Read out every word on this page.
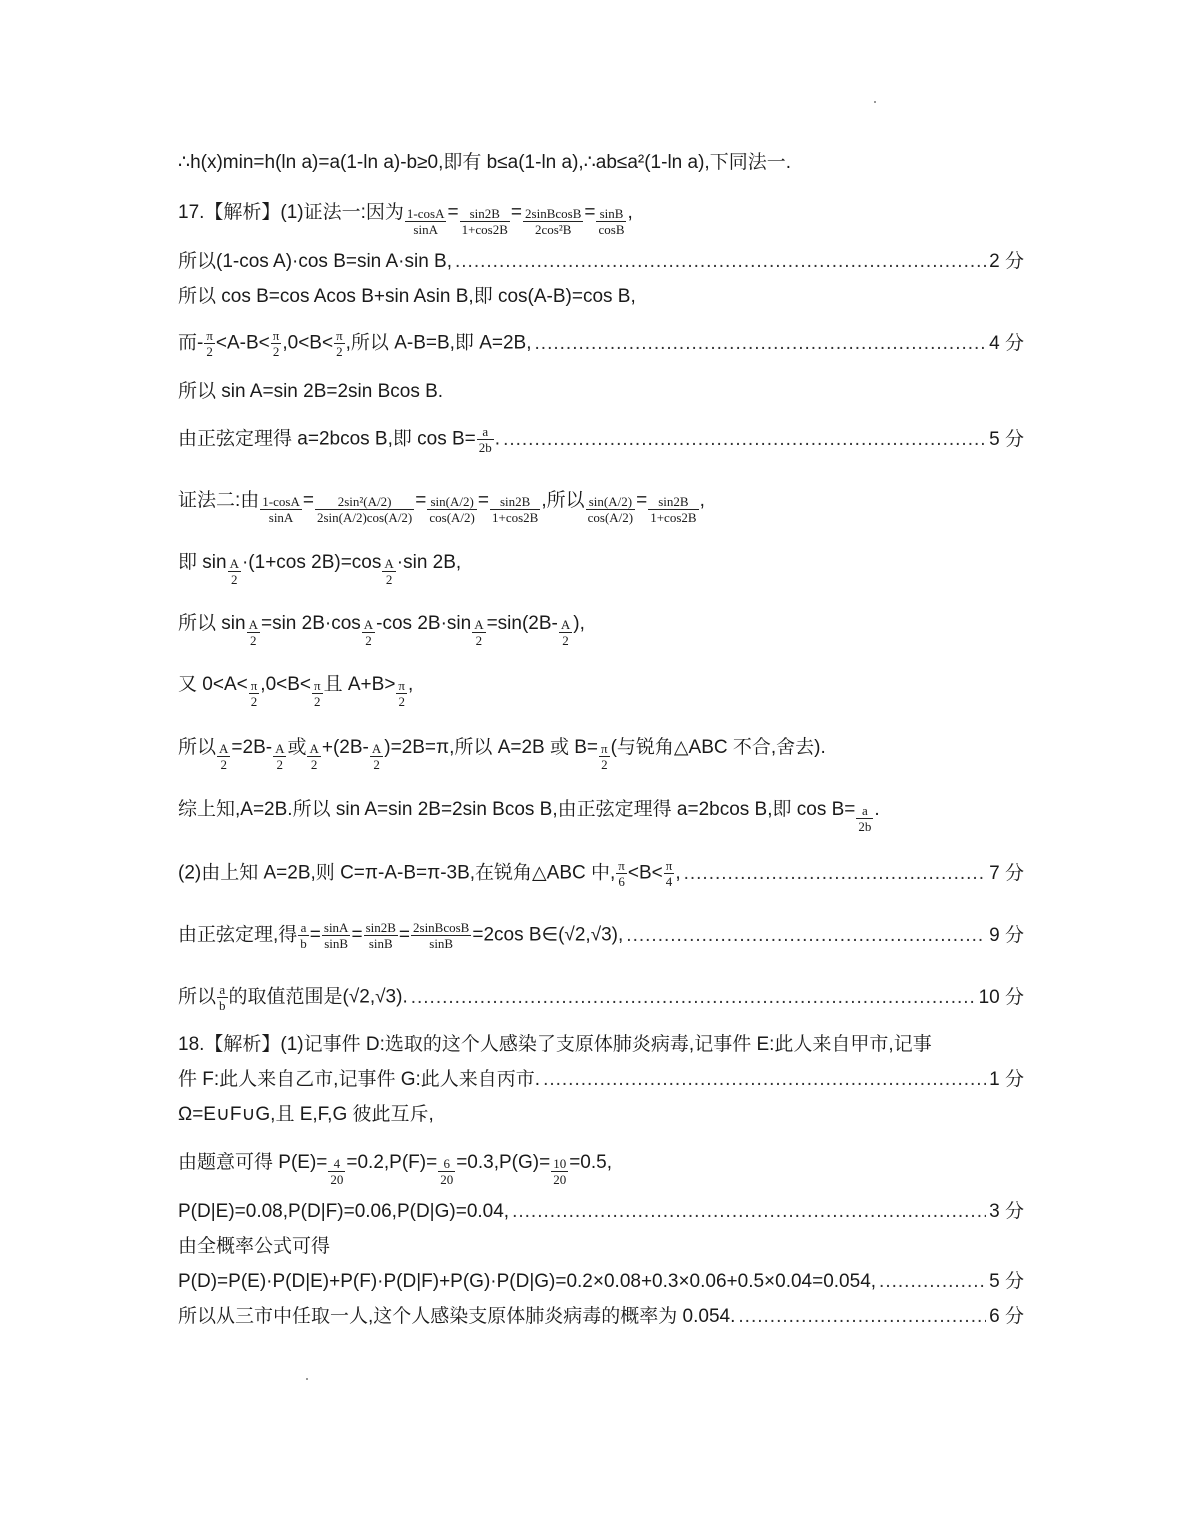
∴h(x)min=h(ln a)=a(1-ln a)-b≥0,即有 b≤a(1-ln a),∴ab≤a²(1-ln a),下同法一.
17.【解析】(1)证法一:因为 $\frac{1-\cos A}{\sin A} = \frac{\sin 2B}{1+\cos 2B} = \frac{\text{2sinBcosB}}{\text{2cos²B}} = \frac{\sin B}{\cos B}$ ,
所以(1-cos A)·cos B=sin A·sin B, .....	2 分
所以 cos B=cos Acos B+sin Asin B,即 cos(A-B)=cos B,
而- $\frac{\pi}{2} <A-B< \frac{\pi}{2} ,0<B< \frac{\pi}{2}$ ,所以 A-B=B,即 A=2B, .....	4 分
所以 sin A=sin 2B=2sin Bcos B.
由正弦定理得 a=2bcos B,即 $\cos B= \frac{a}{2b}$ . .....	5 分
证法二:由 $\frac{1-\cos A}{\sin A} = \frac{\text{2sin²(A/2)}}{2\sin(A/2)\cos(A/2)} = \frac{\sin(A/2)}{\cos(A/2)} = \frac{\sin 2B}{1+\cos 2B}$ ,所以 $\frac{\sin(A/2)}{\cos(A/2)} = \frac{\sin 2B}{1+\cos 2B}$ ,
即 $\sin \frac{A}{2} \cdot(1+\cos$ $2B)=\cos \frac{A}{2} \cdot\sin$ 2B,
所以 $\sin \frac{A}{2} =\sin$ $2B\cdot\cos \frac{A}{2} -\cos$ $2B\cdot\sin \frac{A}{2} =\sin(2B- \frac{A}{2}$ ),
又 $0<A< \frac{\pi}{2} ,0<B< \frac{\pi}{2}$ 且 $A+B> \frac{\pi}{2}$ ,
所以 $\frac{A}{2} =2B- \frac{A}{2}$ 或 $\frac{A}{2} +(2B- \frac{A}{2} )=2B=\pi$,所以 A=2B 或 $B= \frac{\pi}{2}$ (与锐角△ABC 不合,舍去).
综上知,A=2B.所以 sin A=sin 2B=2sin Bcos B,由正弦定理得 a=2bcos B,即 $\cos B= \frac{a}{2b}$ .
(2)由上知 A=2B,则 C=π-A-B=π-3B,在锐角△ABC 中, $\frac{\pi}{6} <B< \frac{\pi}{4}$ , .....	7 分
由正弦定理,得 $\frac{a}{b} = \frac{\sin A}{\sin B} = \frac{\sin 2B}{\sin B} = \frac{\text{2sinBcosB}}{\sin B} =2\cos$ B∈(√2,√3), .....	9 分
所以 $\frac{a}{b}$ 的取值范围是(√2,√3). .....	10 分
18.【解析】(1)记事件 D:选取的这个人感染了支原体肺炎病毒,记事件 E:此人来自甲市,记事
件 F:此人来自乙市,记事件 G:此人来自丙市. .....	1 分
Ω=E∪F∪G,且 E,F,G 彼此互斥,
由题意可得 $P(E)= \frac{4}{20} =0.2,P(F)= \frac{6}{20} =0.3,P(G)= \frac{10}{20} =0.5$,
P(D|E)=0.08,P(D|F)=0.06,P(D|G)=0.04, .....	3 分
由全概率公式可得
P(D)=P(E)·P(D|E)+P(F)·P(D|F)+P(G)·P(D|G)=0.2×0.08+0.3×0.06+0.5×0.04=0.054, .....	5 分
所以从三市中任取一人,这个人感染支原体肺炎病毒的概率为 0.054. .....	6 分
